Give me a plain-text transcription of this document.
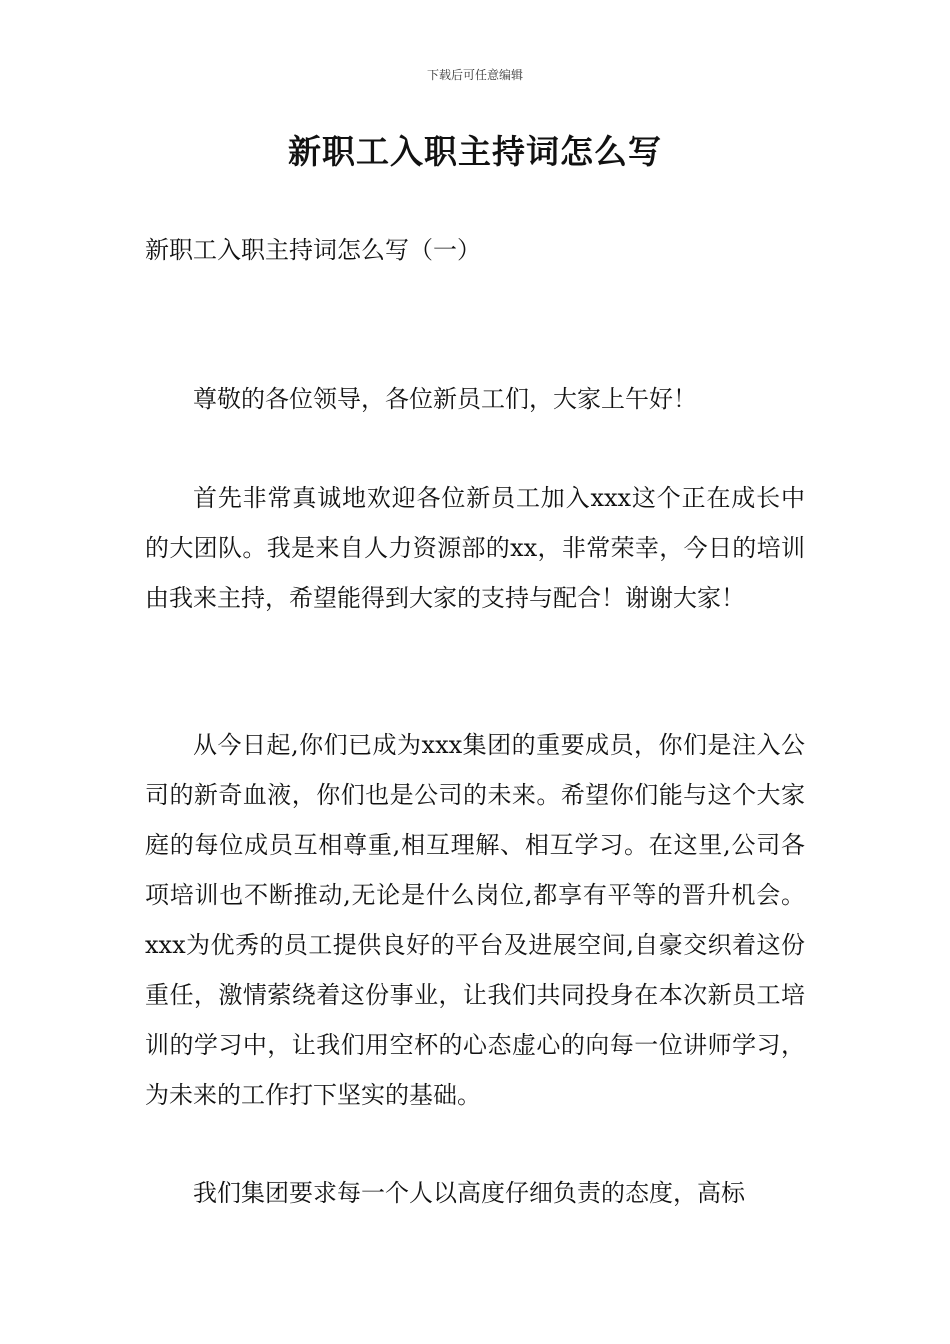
下载后可任意编辑
新职工入职主持词怎么写

新职工入职主持词怎么写（一）

尊敬的各位领导，各位新员工们，大家上午好！

首先非常真诚地欢迎各位新员工加入xxx这个正在成长中的大团队。我是来自人力资源部的xx，非常荣幸，今日的培训由我来主持，希望能得到大家的支持与配合！谢谢大家！

从今日起,你们已成为xxx集团的重要成员，你们是注入公司的新奇血液，你们也是公司的未来。希望你们能与这个大家庭的每位成员互相尊重,相互理解、相互学习。在这里,公司各项培训也不断推动,无论是什么岗位,都享有平等的晋升机会。xxx为优秀的员工提供良好的平台及进展空间,自豪交织着这份重任，激情萦绕着这份事业，让我们共同投身在本次新员工培训的学习中，让我们用空杯的心态虚心的向每一位讲师学习，为未来的工作打下坚实的基础。

我们集团要求每一个人以高度仔细负责的态度，高标
